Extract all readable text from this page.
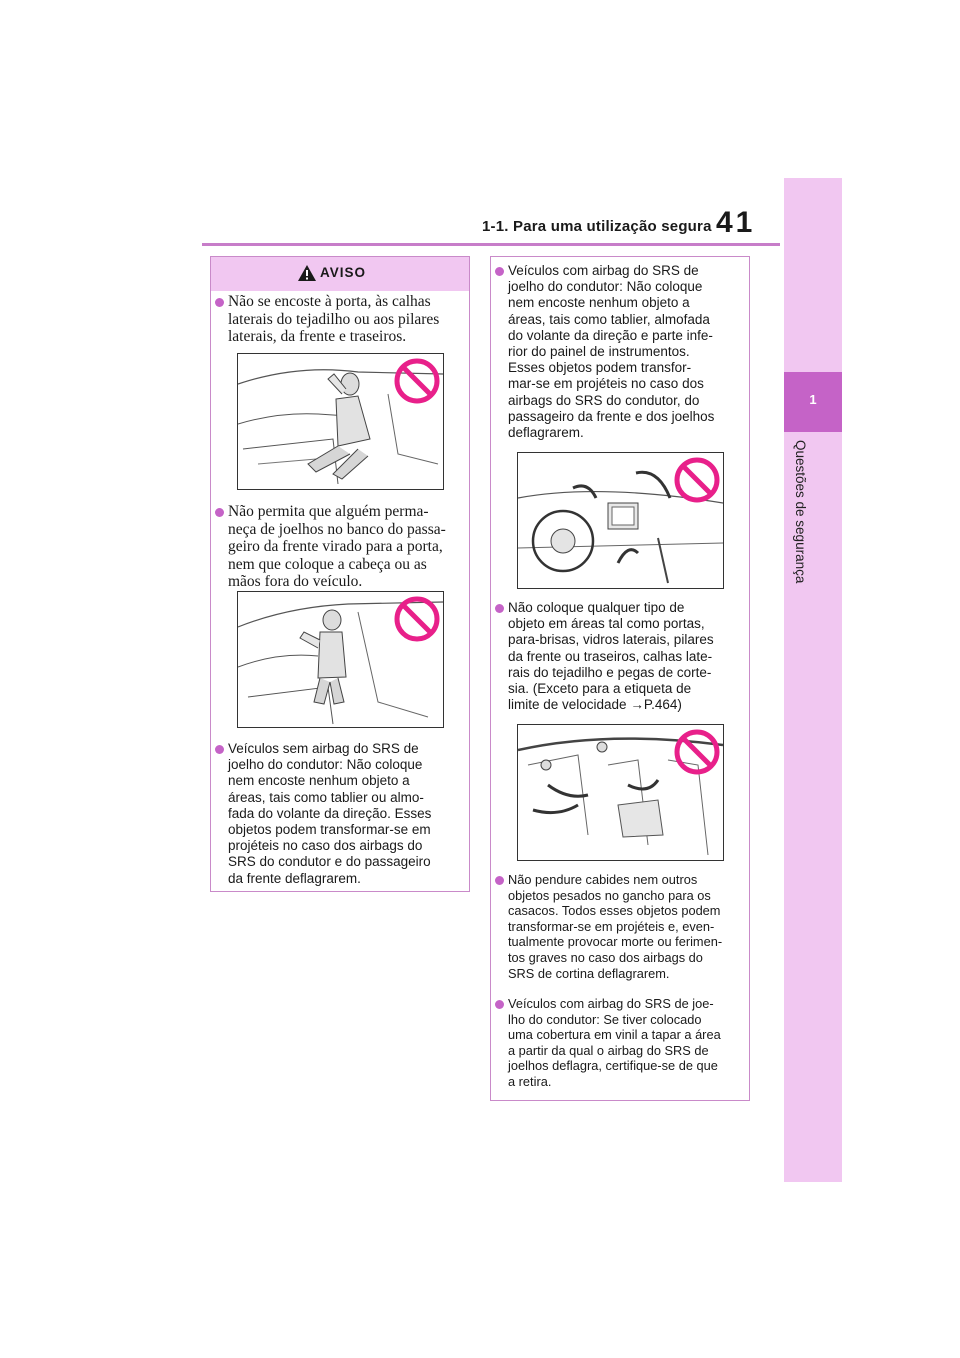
1-1. Para uma utilização segura 41
1
Questões de segurança
AVISO
Não se encoste à porta, às calhas
laterais do tejadilho ou aos pilares
laterais, da frente e traseiros.
Não permita que alguém perma-
neça de joelhos no banco do passa-
geiro da frente virado para a porta,
nem que coloque a cabeça ou as
mãos fora do veículo.
Veículos sem airbag do SRS de
joelho do condutor: Não coloque
nem encoste nenhum objeto a
áreas, tais como tablier ou almo-
fada do volante da direção. Esses
objetos podem transformar-se em
projéteis no caso dos airbags do
SRS do condutor e do passageiro
da frente deflagrarem.
Veículos com airbag do SRS de
joelho do condutor: Não coloque
nem encoste nenhum objeto a
áreas, tais como tablier, almofada
do volante da direção e parte infe-
rior do painel de instrumentos.
Esses objetos podem transfor-
mar-se em projéteis no caso dos
airbags do SRS do condutor, do
passageiro da frente e dos joelhos
deflagrarem.
Não coloque qualquer tipo de
objeto em áreas tal como portas,
para-brisas, vidros laterais, pilares
da frente ou traseiros, calhas late-
rais do tejadilho e pegas de corte-
sia. (Exceto para a etiqueta de
limite de velocidade →P.464)
Não pendure cabides nem outros
objetos pesados no gancho para os
casacos. Todos esses objetos podem
transformar-se em projéteis e, even-
tualmente provocar morte ou ferimen-
tos graves no caso dos airbags do
SRS de cortina deflagrarem.
Veículos com airbag do SRS de joe-
lho do condutor: Se tiver colocado
uma cobertura em vinil a tapar a área
a partir da qual o airbag do SRS de
joelhos deflagra, certifique-se de que
a retira.
